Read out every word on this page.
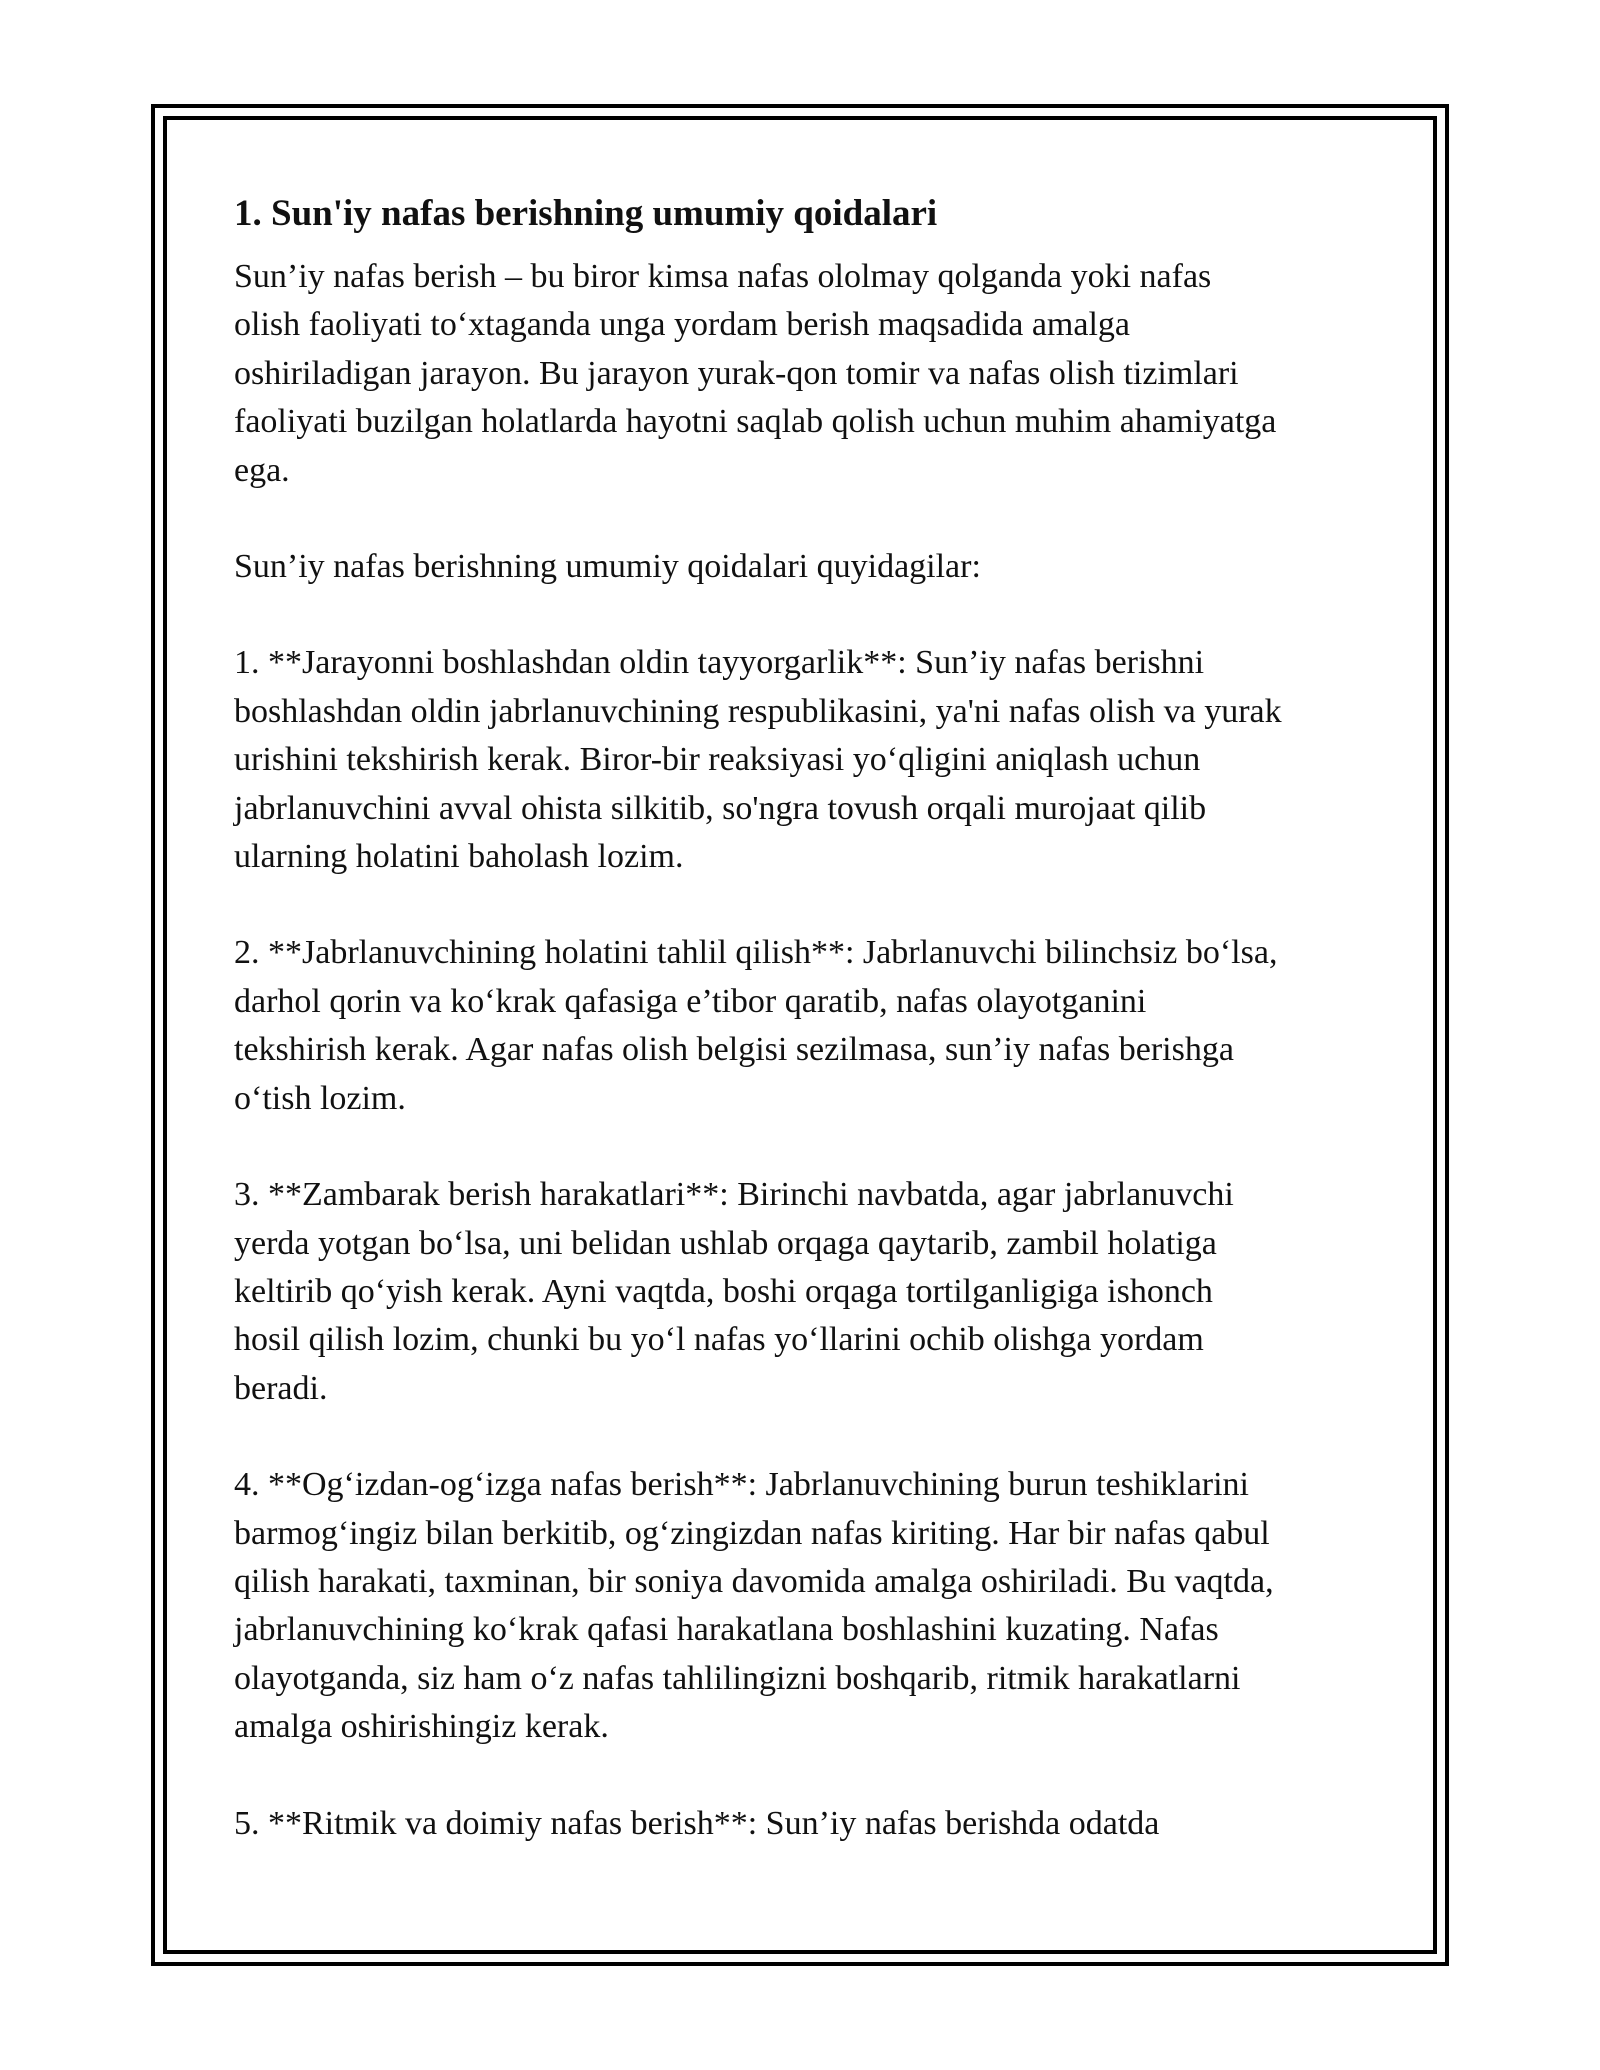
1. Sun'iy nafas berishning umumiy qoidalari

Sun’iy nafas berish – bu biror kimsa nafas ololmay qolganda yoki nafas
olish faoliyati to‘xtaganda unga yordam berish maqsadida amalga
oshiriladigan jarayon. Bu jarayon yurak-qon tomir va nafas olish tizimlari
faoliyati buzilgan holatlarda hayotni saqlab qolish uchun muhim ahamiyatga
ega.

Sun’iy nafas berishning umumiy qoidalari quyidagilar:

1. **Jarayonni boshlashdan oldin tayyorgarlik**: Sun’iy nafas berishni
boshlashdan oldin jabrlanuvchining respublikasini, ya'ni nafas olish va yurak
urishini tekshirish kerak. Biror-bir reaksiyasi yo‘qligini aniqlash uchun
jabrlanuvchini avval ohista silkitib, so'ngra tovush orqali murojaat qilib
ularning holatini baholash lozim.

2. **Jabrlanuvchining holatini tahlil qilish**: Jabrlanuvchi bilinchsiz bo‘lsa,
darhol qorin va ko‘krak qafasiga e’tibor qaratib, nafas olayotganini
tekshirish kerak. Agar nafas olish belgisi sezilmasa, sun’iy nafas berishga
o‘tish lozim.

3. **Zambarak berish harakatlari**: Birinchi navbatda, agar jabrlanuvchi
yerda yotgan bo‘lsa, uni belidan ushlab orqaga qaytarib, zambil holatiga
keltirib qo‘yish kerak. Ayni vaqtda, boshi orqaga tortilganligiga ishonch
hosil qilish lozim, chunki bu yo‘l nafas yo‘llarini ochib olishga yordam
beradi.

4. **Og‘izdan-og‘izga nafas berish**: Jabrlanuvchining burun teshiklarini
barmog‘ingiz bilan berkitib, og‘zingizdan nafas kiriting. Har bir nafas qabul
qilish harakati, taxminan, bir soniya davomida amalga oshiriladi. Bu vaqtda,
jabrlanuvchining ko‘krak qafasi harakatlana boshlashini kuzating. Nafas
olayotganda, siz ham o‘z nafas tahlilingizni boshqarib, ritmik harakatlarni
amalga oshirishingiz kerak.

5. **Ritmik va doimiy nafas berish**: Sun’iy nafas berishda odatda
